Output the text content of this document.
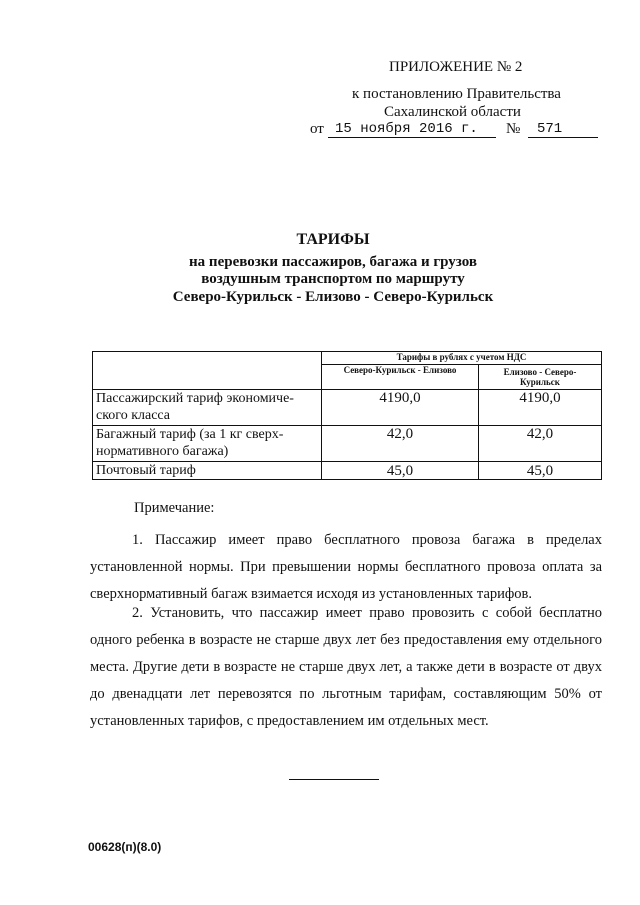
ПРИЛОЖЕНИЕ № 2
к постановлению Правительства
Сахалинской области
от 15 ноября 2016 г. № 571
ТАРИФЫ
на перевозки пассажиров, багажа и грузов
воздушным транспортом по маршруту
Северо-Курильск - Елизово - Северо-Курильск
	Тарифы в рублях с учетом НДС	
	Северо-Курильск - Елизово	Елизово - Северо-Курильск
Пассажирский тариф экономиче-ского класса	4190,0	4190,0
Багажный тариф (за 1 кг сверх-нормативного багажа)	42,0	42,0
Почтовый тариф	45,0	45,0
Примечание:
1. Пассажир имеет право бесплатного провоза багажа в пределах установленной нормы. При превышении нормы бесплатного провоза оплата за сверхнормативный багаж взимается исходя из установленных тарифов.
2. Установить, что пассажир имеет право провозить с собой бесплатно одного ребенка в возрасте не старше двух лет без предоставления ему отдельного места. Другие дети в возрасте не старше двух лет, а также дети в возрасте от двух до двенадцати лет перевозятся по льготным тарифам, составляющим 50% от установленных тарифов, с предоставлением им отдельных мест.
00628(п)(8.0)
